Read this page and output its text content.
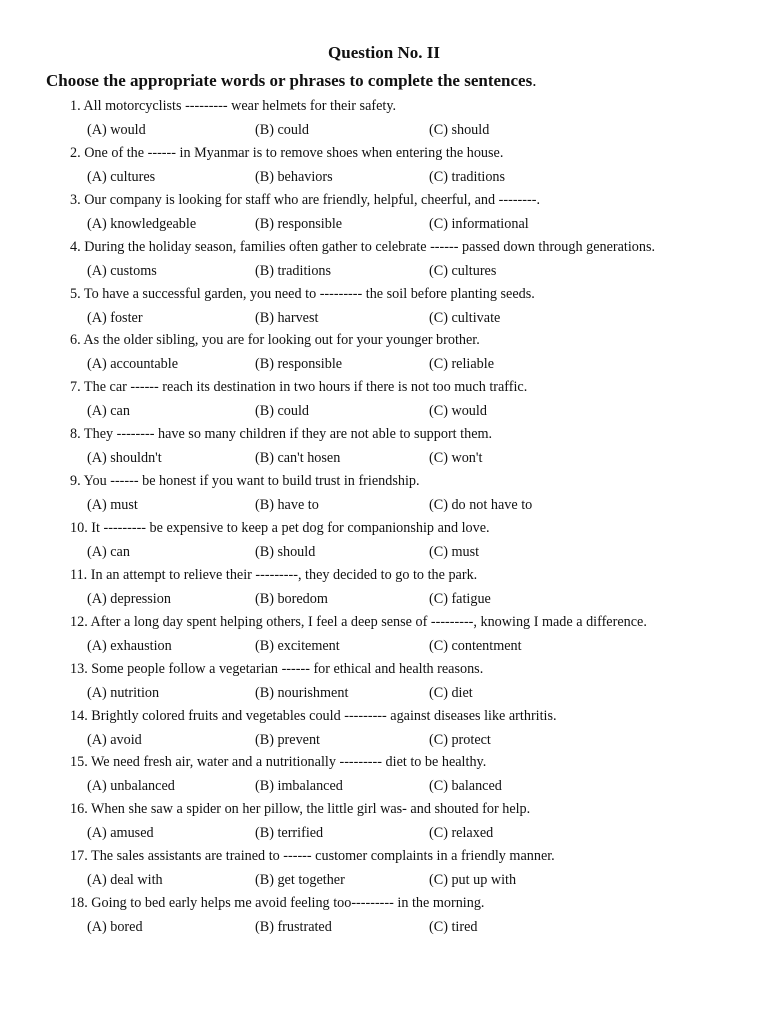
Question No. II
Choose the appropriate words or phrases to complete the sentences.
1. All motorcyclists --------- wear helmets for their safety.
(A) would	(B) could	(C) should
2. One of the ------ in Myanmar is to remove shoes when entering the house.
(A) cultures	(B) behaviors	(C) traditions
3. Our company is looking for staff who are friendly, helpful, cheerful, and --------.
(A) knowledgeable	(B) responsible	(C) informational
4. During the holiday season, families often gather to celebrate ------ passed down through generations.
(A) customs	(B) traditions	(C) cultures
5. To have a successful garden, you need to --------- the soil before planting seeds.
(A) foster	(B) harvest	(C) cultivate
6. As the older sibling, you are for looking out for your younger brother.
(A) accountable	(B) responsible	(C) reliable
7. The car ------ reach its destination in two hours if there is not too much traffic.
(A) can	(B) could	(C) would
8. They -------- have so many children if they are not able to support them.
(A) shouldn't	(B) can't hosen	(C) won't
9. You ------ be honest if you want to build trust in friendship.
(A) must	(B) have to	(C) do not have to
10. It --------- be expensive to keep a pet dog for companionship and love.
(A) can	(B) should	(C) must
11. In an attempt to relieve their ---------, they decided to go to the park.
(A) depression	(B) boredom	(C) fatigue
12. After a long day spent helping others, I feel a deep sense of ---------, knowing I made a difference.
(A) exhaustion	(B) excitement	(C) contentment
13. Some people follow a vegetarian ------ for ethical and health reasons.
(A) nutrition	(B) nourishment	(C) diet
14. Brightly colored fruits and vegetables could --------- against diseases like arthritis.
(A) avoid	(B) prevent	(C) protect
15. We need fresh air, water and a nutritionally --------- diet to be healthy.
(A) unbalanced	(B) imbalanced	(C) balanced
16. When she saw a spider on her pillow, the little girl was- and shouted for help.
(A) amused	(B) terrified	(C) relaxed
17. The sales assistants are trained to ------ customer complaints in a friendly manner.
(A) deal with	(B) get together	(C) put up with
18. Going to bed early helps me avoid feeling too--------- in the morning.
(A) bored	(B) frustrated	(C) tired
